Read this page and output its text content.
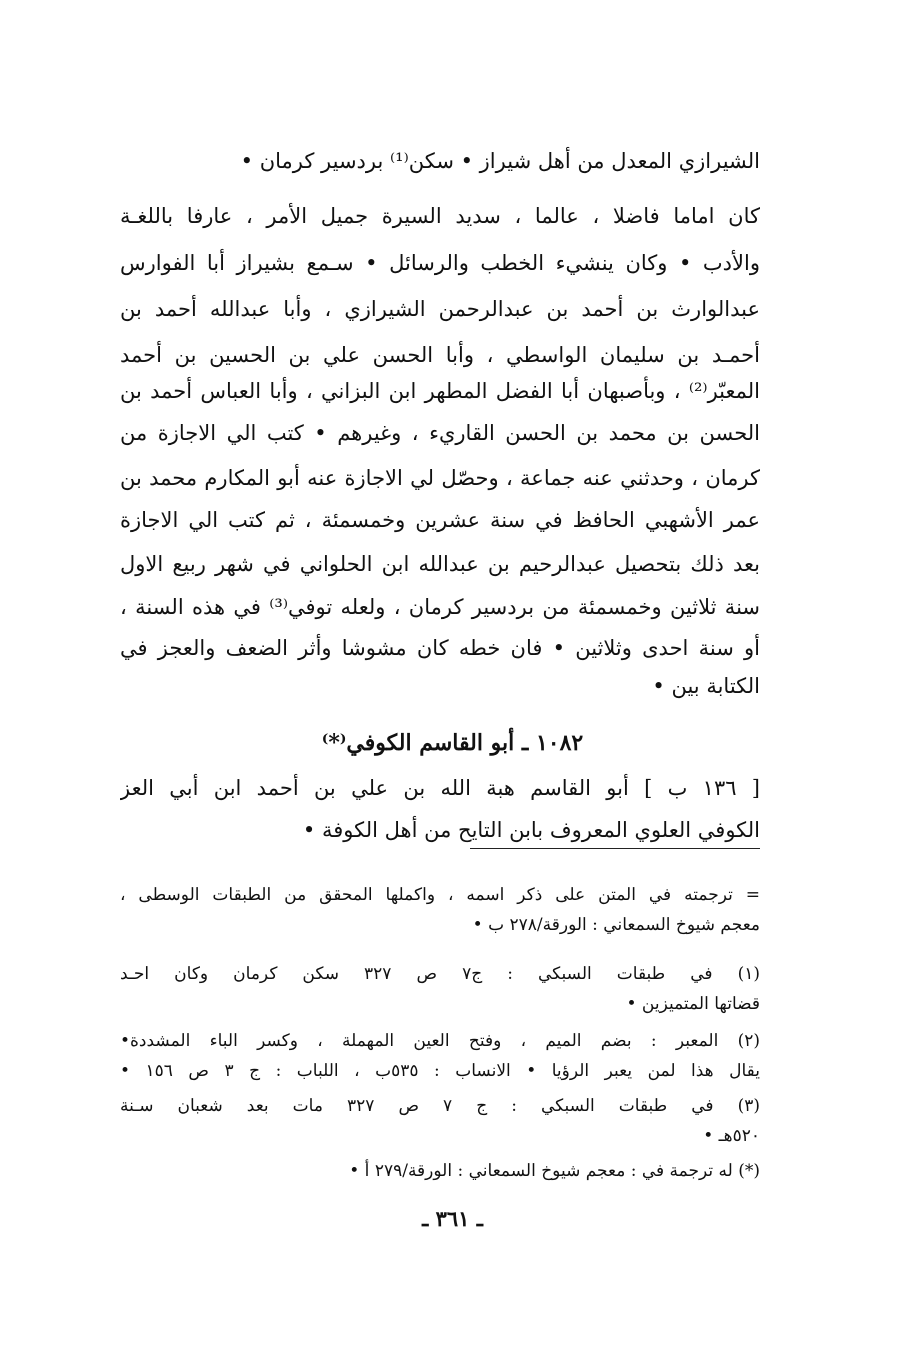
الشيرازي المعدل من أهل شيراز • سكن⁽¹⁾ بردسير كرمان •
كان اماما فاضلا ، عالما ، سديد السيرة جميل الأمر ، عارفا باللغـة
والأدب • وكان ينشيء الخطب والرسائل • سـمع بشيراز أبا الفوارس
عبدالوارث بن أحمد بن عبدالرحمن الشيرازي ، وأبا عبدالله أحمد بن
أحمـد بن سليمان الواسطي ، وأبا الحسن علي بن الحسين بن أحمد
المعبّر⁽²⁾ ، وبأصبهان أبا الفضل المطهر ابن البزاني ، وأبا العباس أحمد بن
الحسن بن محمد بن الحسن القاريء ، وغيرهم • كتب الي الاجازة من
كرمان ، وحدثني عنه جماعة ، وحصّل لي الاجازة عنه أبو المكارم محمد بن
عمر الأشهبي الحافظ في سنة عشرين وخمسمئة ، ثم كتب الي الاجازة
بعد ذلك بتحصيل عبدالرحيم بن عبدالله ابن الحلواني في شهر ربيع الاول
سنة ثلاثين وخمسمئة من بردسير كرمان ، ولعله توفي⁽³⁾ في هذه السنة ،
أو سنة احدى وثلاثين • فان خطه كان مشوشا وأثر الضعف والعجز في
الكتابة بين •
١٠٨٢ ـ أبو القاسم الكوفي⁽*⁾
[ ١٣٦ ب ] أبو القاسم هبة الله بن علي بن أحمد ابن أبي العز
الكوفي العلوي المعروف بابن التايح من أهل الكوفة •
= ترجمته في المتن على ذكر اسمه ، واكملها المحقق من الطبقات الوسطى ،
معجم شيوخ السمعاني : الورقة/٢٧٨ ب •
(١) في طبقات السبكي : ج٧ ص ٣٢٧ سكن كرمان وكان احـد
قضاتها المتميزين •
(٢) المعبر : بضم الميم ، وفتح العين المهملة ، وكسر الباء المشددة•
يقال هذا لمن يعبر الرؤيا • الانساب : ٥٣٥ب ، اللباب : ج ٣ ص ١٥٦ •
(٣) في طبقات السبكي : ج ٧ ص ٣٢٧ مات بعد شعبان سـنة
٥٢٠هـ •
(*) له ترجمة في : معجم شيوخ السمعاني : الورقة/٢٧٩ أ •
ـ ٣٦١ ـ
